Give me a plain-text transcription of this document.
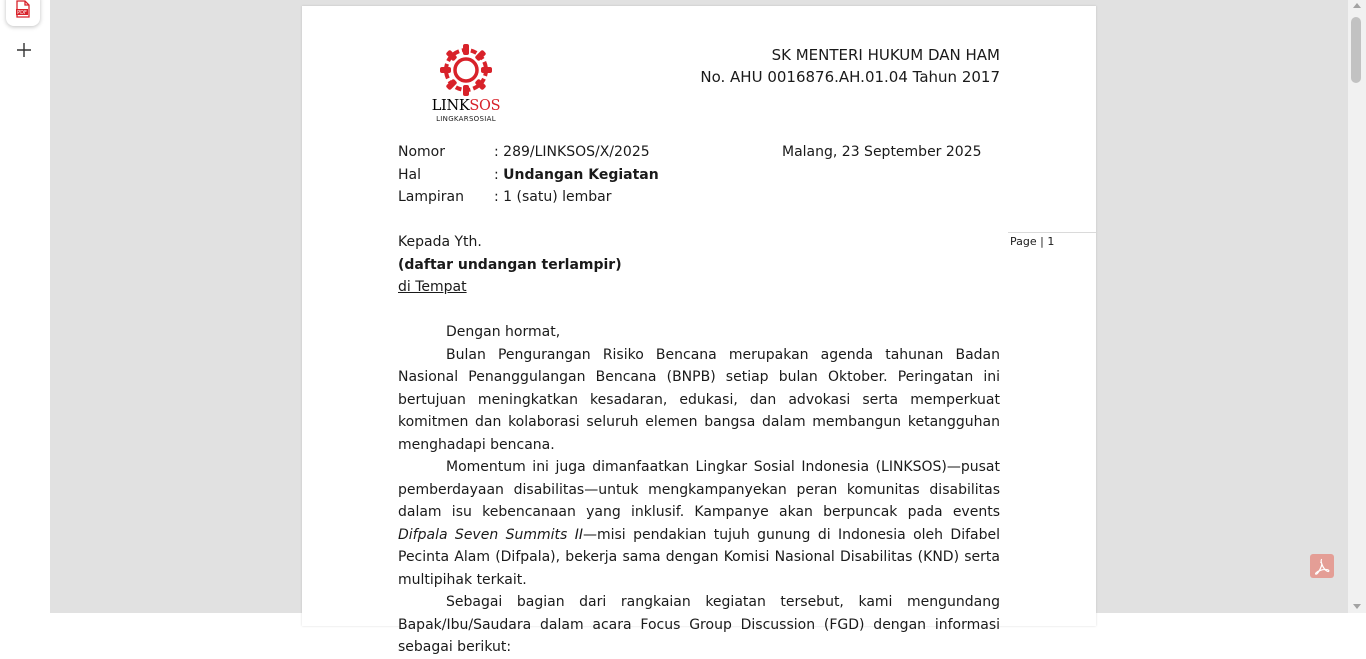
PDF
LINKSOS
LINGKARSOSIAL
SK MENTERI HUKUM DAN HAM
No. AHU 0016876.AH.01.04 Tahun 2017
Nomor	: 289/LINKSOS/X/2025	Malang, 23 September 2025
Hal	: Undangan Kegiatan
Lampiran : 1 (satu) lembar
Kepada Yth.
(daftar undangan terlampir)
di Tempat
Page | 1

Dengan hormat,

Bulan Pengurangan Risiko Bencana merupakan agenda tahunan Badan Nasional Penanggulangan Bencana (BNPB) setiap bulan Oktober. Peringatan ini bertujuan meningkatkan kesadaran, edukasi, dan advokasi serta memperkuat komitmen dan kolaborasi seluruh elemen bangsa dalam membangun ketangguhan menghadapi bencana.

Momentum ini juga dimanfaatkan Lingkar Sosial Indonesia (LINKSOS)—pusat pemberdayaan disabilitas—untuk mengkampanyekan peran komunitas disabilitas dalam isu kebencanaan yang inklusif. Kampanye akan berpuncak pada events Difpala Seven Summits II—misi pendakian tujuh gunung di Indonesia oleh Difabel Pecinta Alam (Difpala), bekerja sama dengan Komisi Nasional Disabilitas (KND) serta multipihak terkait.

Sebagai bagian dari rangkaian kegiatan tersebut, kami mengundang Bapak/Ibu/Saudara dalam acara Focus Group Discussion (FGD) dengan informasi sebagai berikut:
